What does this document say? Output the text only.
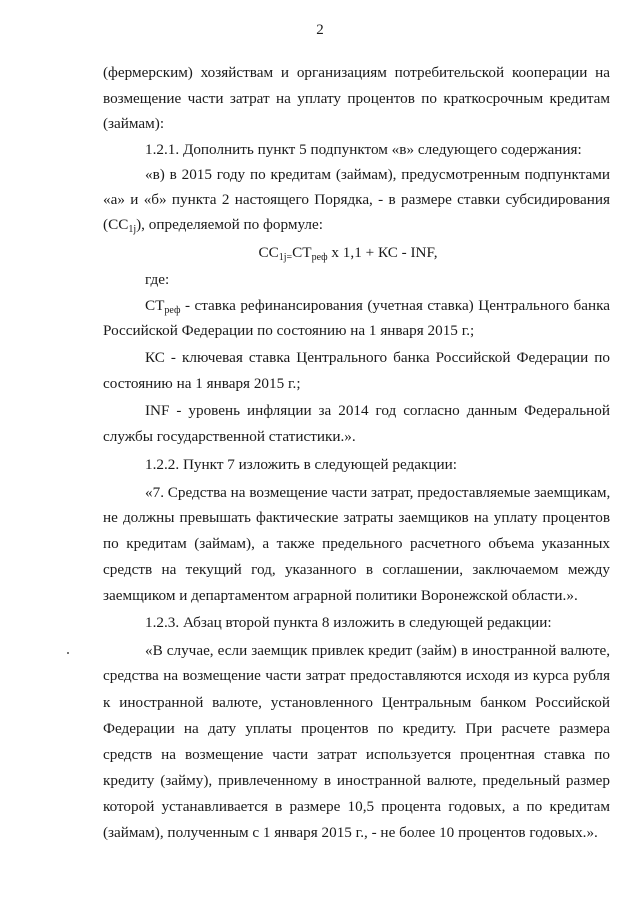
2
(фермерским) хозяйствам и организациям потребительской кооперации на
возмещение части затрат на уплату процентов по краткосрочным кредитам
(займам):
1.2.1. Дополнить пункт 5 подпунктом «в» следующего содержания:
«в) в 2015 году по кредитам (займам), предусмотренным подпунктами
«а» и «б» пункта 2 настоящего Порядка, - в размере ставки субсидирования
$(СС_{1j})$, определяемой по формуле:
$СС_{1j=}СТ_{реф}$ х 1,1 + КС - INF,
где:
$СТ_{реф}$ - ставка рефинансирования (учетная ставка) Центрального банка
Российской Федерации по состоянию на 1 января 2015 г.;
КС - ключевая ставка Центрального банка Российской Федерации по
состоянию на 1 января 2015 г.;
INF - уровень инфляции за 2014 год согласно данным Федеральной
службы государственной статистики.».
1.2.2. Пункт 7 изложить в следующей редакции:
«7. Средства на возмещение части затрат, предоставляемые заемщикам,
не должны превышать фактические затраты заемщиков на уплату процентов
по кредитам (займам), а также предельного расчетного объема указанных
средств на текущий год, указанного в соглашении, заключаемом между
заемщиком и департаментом аграрной политики Воронежской области.».
1.2.3. Абзац второй пункта 8 изложить в следующей редакции:
«В случае, если заемщик привлек кредит (займ) в иностранной валюте,
средства на возмещение части затрат предоставляются исходя из курса рубля
к иностранной валюте, установленного Центральным банком Российской
Федерации на дату уплаты процентов по кредиту. При расчете размера
средств на возмещение части затрат используется процентная ставка по
кредиту (займу), привлеченному в иностранной валюте, предельный размер
которой устанавливается в размере 10,5 процента годовых, а по кредитам
(займам), полученным с 1 января 2015 г., - не более 10 процентов годовых.».
